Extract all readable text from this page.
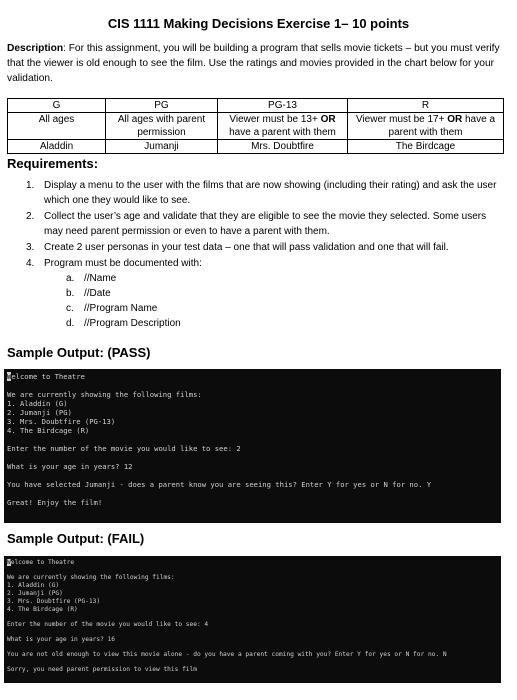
CIS 1111 Making Decisions Exercise 1– 10 points
Description: For this assignment, you will be building a program that sells movie tickets – but you must verify that the viewer is old enough to see the film. Use the ratings and movies provided in the chart below for your validation.
G	PG	PG-13	R
All ages	All ages with parent permission	Viewer must be 13+ OR have a parent with them	Viewer must be 17+ OR have a parent with them
Aladdin	Jumanji	Mrs. Doubtfire	The Birdcage
Requirements:
1. Display a menu to the user with the films that are now showing (including their rating) and ask the user which one they would like to see.
2. Collect the user’s age and validate that they are eligible to see the movie they selected. Some users may need parent permission or even to have a parent with them.
3. Create 2 user personas in your test data – one that will pass validation and one that will fail.
4. Program must be documented with:
a. //Name
b. //Date
c. //Program Name
d. //Program Description
Sample Output: (PASS)
Welcome to Theatre
We are currently showing the following films:
1. Aladdin (G)
2. Jumanji (PG)
3. Mrs. Doubtfire (PG-13)
4. The Birdcage (R)
Enter the number of the movie you would like to see: 2
What is your age in years? 12
You have selected Jumanji - does a parent know you are seeing this? Enter Y for yes or N for no. Y
Great! Enjoy the film!
Sample Output: (FAIL)
Welcome to Theatre
We are currently showing the following films:
1. Aladdin (G)
2. Jumanji (PG)
3. Mrs. Doubtfire (PG-13)
4. The Birdcage (R)
Enter the number of the movie you would like to see: 4
What is your age in years? 16
You are not old enough to view this movie alone - do you have a parent coming with you? Enter Y for yes or N for no. N
Sorry, you need parent permission to view this film
